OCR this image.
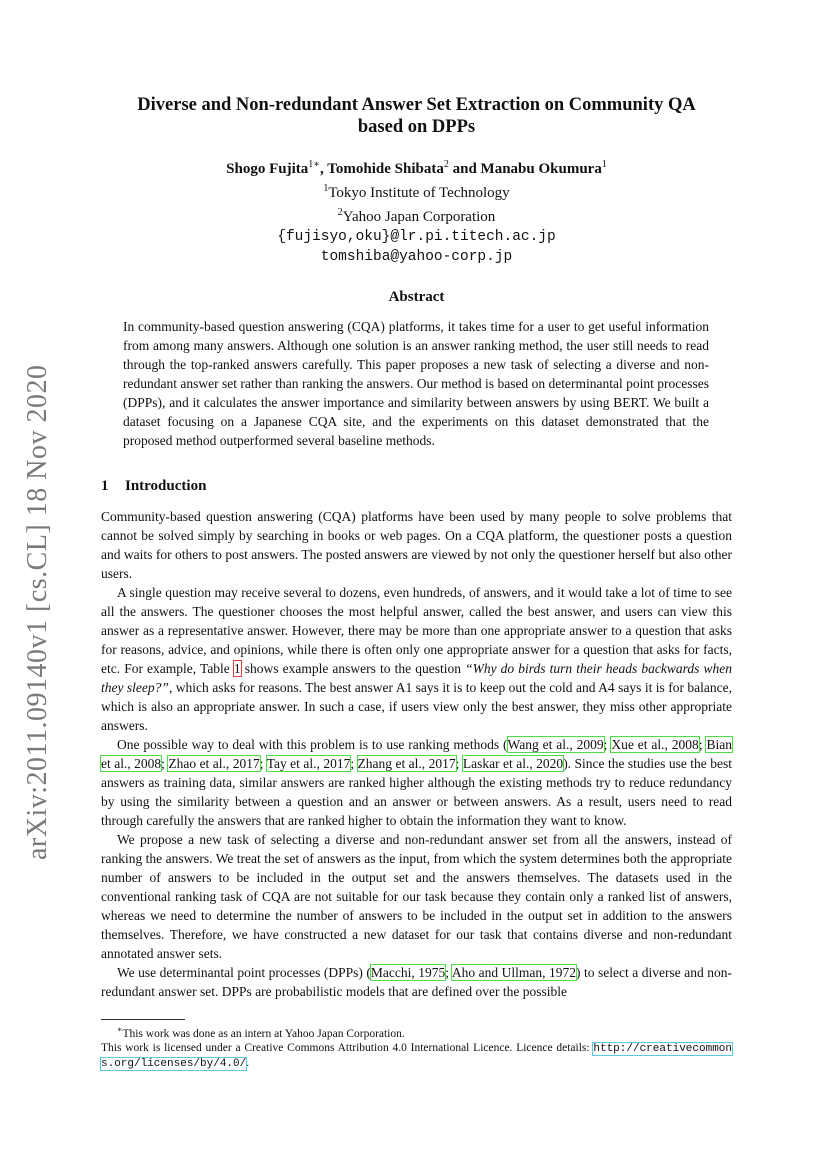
arXiv:2011.09140v1 [cs.CL] 18 Nov 2020
Diverse and Non-redundant Answer Set Extraction on Community QA
based on DPPs
Shogo Fujita$^{1∗}$, Tomohide Shibata$^2$ and Manabu Okumura$^1$
$^1$Tokyo Institute of Technology
$^2$Yahoo Japan Corporation
{fujisyo,oku}@lr.pi.titech.ac.jp
tomshiba@yahoo-corp.jp
Abstract
In community-based question answering (CQA) platforms, it takes time for a user to get useful information from among many answers. Although one solution is an answer ranking method, the user still needs to read through the top-ranked answers carefully. This paper proposes a new task of selecting a diverse and non-redundant answer set rather than ranking the answers. Our method is based on determinantal point processes (DPPs), and it calculates the answer importance and similarity between answers by using BERT. We built a dataset focusing on a Japanese CQA site, and the experiments on this dataset demonstrated that the proposed method outperformed several baseline methods.
1 Introduction

Community-based question answering (CQA) platforms have been used by many people to solve problems that cannot be solved simply by searching in books or web pages. On a CQA platform, the questioner posts a question and waits for others to post answers. The posted answers are viewed by not only the questioner herself but also other users.

A single question may receive several to dozens, even hundreds, of answers, and it would take a lot of time to see all the answers. The questioner chooses the most helpful answer, called the best answer, and users can view this answer as a representative answer. However, there may be more than one appropriate answer to a question that asks for reasons, advice, and opinions, while there is often only one appropriate answer for a question that asks for facts, etc. For example, Table 1 shows example answers to the question “Why do birds turn their heads backwards when they sleep?”, which asks for reasons. The best answer A1 says it is to keep out the cold and A4 says it is for balance, which is also an appropriate answer. In such a case, if users view only the best answer, they miss other appropriate answers.

One possible way to deal with this problem is to use ranking methods (Wang et al., 2009; Xue et al., 2008; Bian et al., 2008; Zhao et al., 2017; Tay et al., 2017; Zhang et al., 2017; Laskar et al., 2020). Since the studies use the best answers as training data, similar answers are ranked higher although the existing methods try to reduce redundancy by using the similarity between a question and an answer or between answers. As a result, users need to read through carefully the answers that are ranked higher to obtain the information they want to know.

We propose a new task of selecting a diverse and non-redundant answer set from all the answers, instead of ranking the answers. We treat the set of answers as the input, from which the system determines both the appropriate number of answers to be included in the output set and the answers themselves. The datasets used in the conventional ranking task of CQA are not suitable for our task because they contain only a ranked list of answers, whereas we need to determine the number of answers to be included in the output set in addition to the answers themselves. Therefore, we have constructed a new dataset for our task that contains diverse and non-redundant annotated answer sets.

We use determinantal point processes (DPPs) (Macchi, 1975; Aho and Ullman, 1972) to select a diverse and non-redundant answer set. DPPs are probabilistic models that are defined over the possible

∗This work was done as an intern at Yahoo Japan Corporation.
This work is licensed under a Creative Commons Attribution 4.0 International Licence. Licence details: http://creativecommons.org/licenses/by/4.0/.
